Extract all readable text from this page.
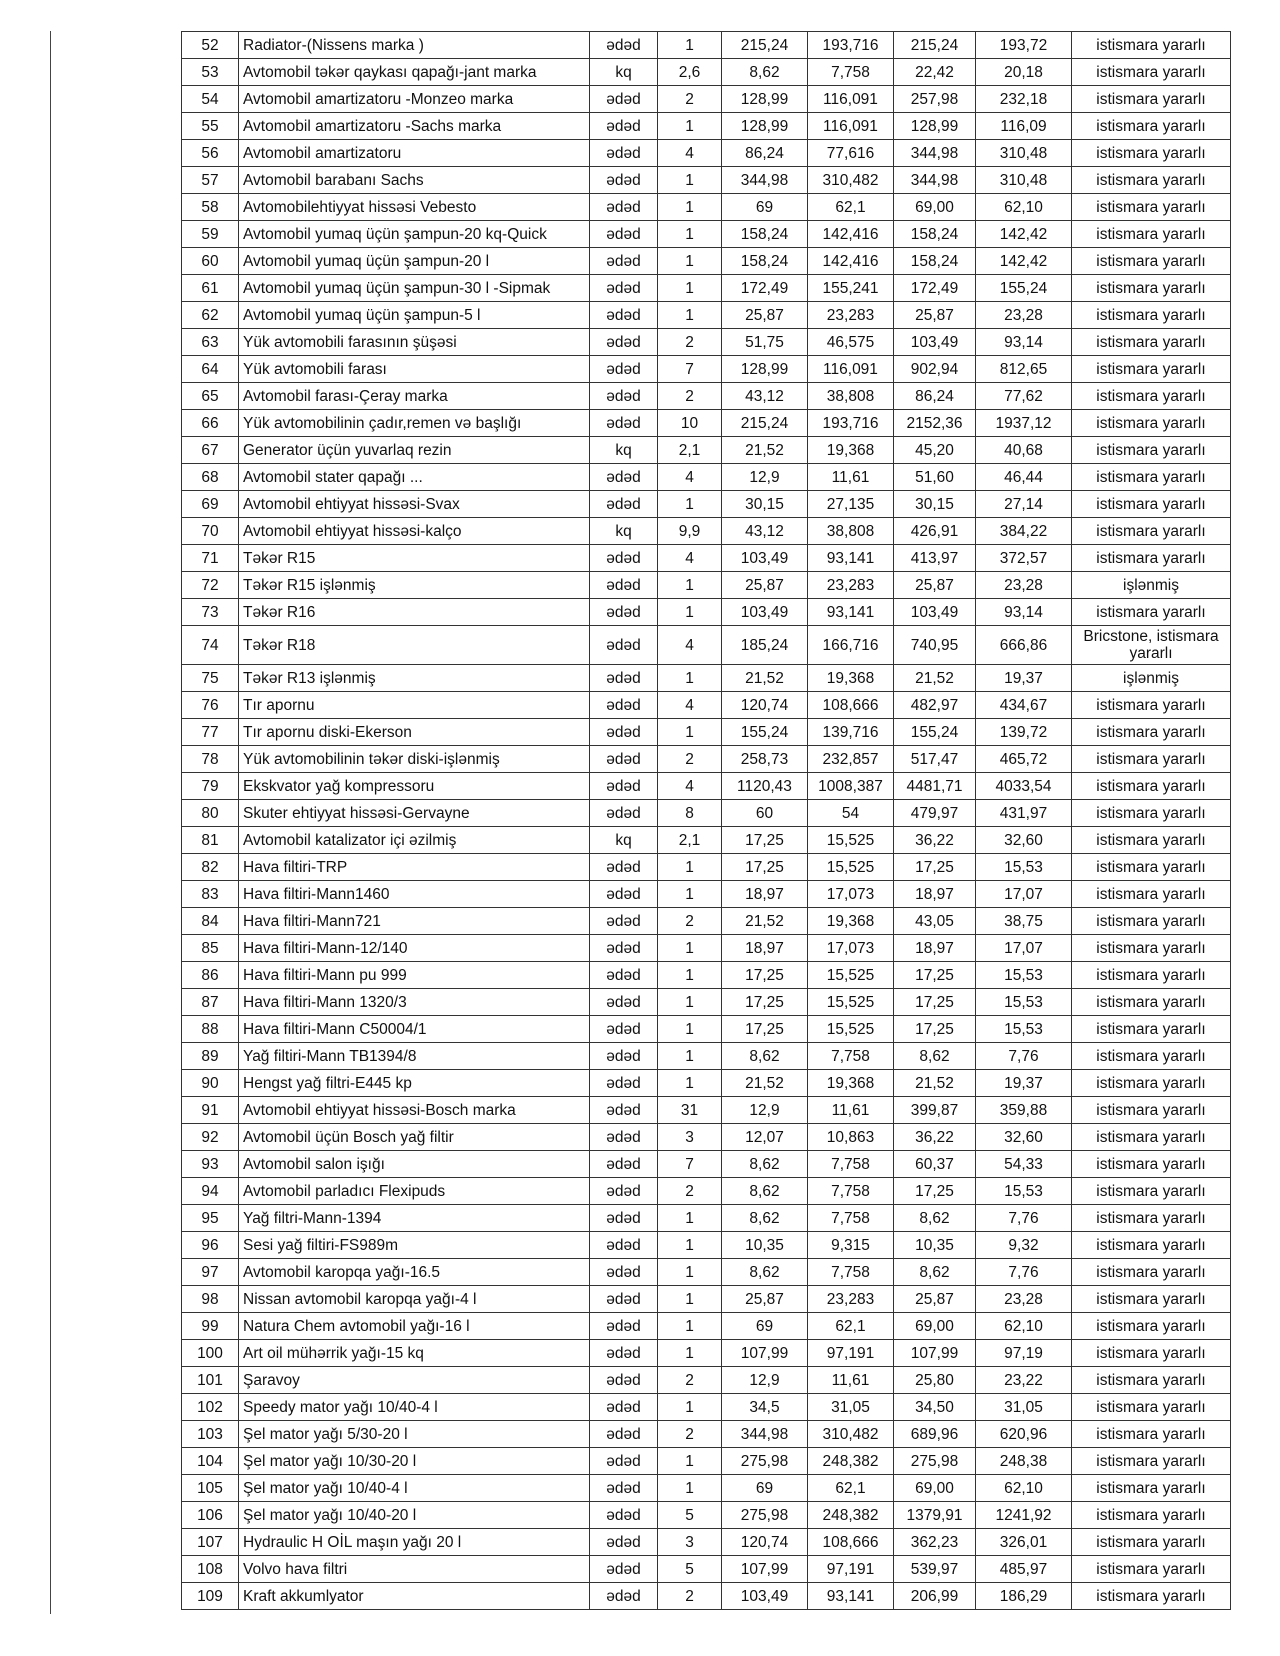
52	Radiator-(Nissens marka )	ədəd	1	215,24	193,716	215,24	193,72	istismara yararlı
53	Avtomobil təkər qaykası qapağı-jant marka	kq	2,6	8,62	7,758	22,42	20,18	istismara yararlı
54	Avtomobil amartizatoru -Monzeo marka	ədəd	2	128,99	116,091	257,98	232,18	istismara yararlı
55	Avtomobil amartizatoru -Sachs marka	ədəd	1	128,99	116,091	128,99	116,09	istismara yararlı
56	Avtomobil amartizatoru	ədəd	4	86,24	77,616	344,98	310,48	istismara yararlı
57	Avtomobil barabanı Sachs	ədəd	1	344,98	310,482	344,98	310,48	istismara yararlı
58	Avtomobilehtiyyat hissəsi Vebesto	ədəd	1	69	62,1	69,00	62,10	istismara yararlı
59	Avtomobil yumaq üçün şampun-20 kq-Quick	ədəd	1	158,24	142,416	158,24	142,42	istismara yararlı
60	Avtomobil yumaq üçün şampun-20 l	ədəd	1	158,24	142,416	158,24	142,42	istismara yararlı
61	Avtomobil yumaq üçün şampun-30 l -Sipmak	ədəd	1	172,49	155,241	172,49	155,24	istismara yararlı
62	Avtomobil yumaq üçün şampun-5 l	ədəd	1	25,87	23,283	25,87	23,28	istismara yararlı
63	Yük avtomobili farasının şüşəsi	ədəd	2	51,75	46,575	103,49	93,14	istismara yararlı
64	Yük avtomobili farası	ədəd	7	128,99	116,091	902,94	812,65	istismara yararlı
65	Avtomobil farası-Çeray marka	ədəd	2	43,12	38,808	86,24	77,62	istismara yararlı
66	Yük avtomobilinin çadır,remen və başlığı	ədəd	10	215,24	193,716	2152,36	1937,12	istismara yararlı
67	Generator üçün yuvarlaq rezin	kq	2,1	21,52	19,368	45,20	40,68	istismara yararlı
68	Avtomobil stater qapağı ...	ədəd	4	12,9	11,61	51,60	46,44	istismara yararlı
69	Avtomobil ehtiyyat hissəsi-Svax	ədəd	1	30,15	27,135	30,15	27,14	istismara yararlı
70	Avtomobil ehtiyyat hissəsi-kalço	kq	9,9	43,12	38,808	426,91	384,22	istismara yararlı
71	Təkər R15	ədəd	4	103,49	93,141	413,97	372,57	istismara yararlı
72	Təkər R15 işlənmiş	ədəd	1	25,87	23,283	25,87	23,28	işlənmiş
73	Təkər R16	ədəd	1	103,49	93,141	103,49	93,14	istismara yararlı
74	Təkər R18	ədəd	4	185,24	166,716	740,95	666,86	Bricstone, istismara yararlı
75	Təkər R13 işlənmiş	ədəd	1	21,52	19,368	21,52	19,37	işlənmiş
76	Tır apornu	ədəd	4	120,74	108,666	482,97	434,67	istismara yararlı
77	Tır apornu diski-Ekerson	ədəd	1	155,24	139,716	155,24	139,72	istismara yararlı
78	Yük avtomobilinin təkər diski-işlənmiş	ədəd	2	258,73	232,857	517,47	465,72	istismara yararlı
79	Ekskvator yağ kompressoru	ədəd	4	1120,43	1008,387	4481,71	4033,54	istismara yararlı
80	Skuter ehtiyyat hissəsi-Gervayne	ədəd	8	60	54	479,97	431,97	istismara yararlı
81	Avtomobil katalizator içi əzilmiş	kq	2,1	17,25	15,525	36,22	32,60	istismara yararlı
82	Hava filtiri-TRP	ədəd	1	17,25	15,525	17,25	15,53	istismara yararlı
83	Hava filtiri-Mann1460	ədəd	1	18,97	17,073	18,97	17,07	istismara yararlı
84	Hava filtiri-Mann721	ədəd	2	21,52	19,368	43,05	38,75	istismara yararlı
85	Hava filtiri-Mann-12/140	ədəd	1	18,97	17,073	18,97	17,07	istismara yararlı
86	Hava filtiri-Mann pu 999	ədəd	1	17,25	15,525	17,25	15,53	istismara yararlı
87	Hava filtiri-Mann 1320/3	ədəd	1	17,25	15,525	17,25	15,53	istismara yararlı
88	Hava filtiri-Mann C50004/1	ədəd	1	17,25	15,525	17,25	15,53	istismara yararlı
89	Yağ filtiri-Mann TB1394/8	ədəd	1	8,62	7,758	8,62	7,76	istismara yararlı
90	Hengst yağ filtri-E445 kp	ədəd	1	21,52	19,368	21,52	19,37	istismara yararlı
91	Avtomobil ehtiyyat hissəsi-Bosch marka	ədəd	31	12,9	11,61	399,87	359,88	istismara yararlı
92	Avtomobil üçün Bosch yağ filtir	ədəd	3	12,07	10,863	36,22	32,60	istismara yararlı
93	Avtomobil salon işığı	ədəd	7	8,62	7,758	60,37	54,33	istismara yararlı
94	Avtomobil parladıcı Flexipuds	ədəd	2	8,62	7,758	17,25	15,53	istismara yararlı
95	Yağ filtri-Mann-1394	ədəd	1	8,62	7,758	8,62	7,76	istismara yararlı
96	Sesi yağ filtiri-FS989m	ədəd	1	10,35	9,315	10,35	9,32	istismara yararlı
97	Avtomobil karopqa yağı-16.5	ədəd	1	8,62	7,758	8,62	7,76	istismara yararlı
98	Nissan avtomobil karopqa yağı-4 l	ədəd	1	25,87	23,283	25,87	23,28	istismara yararlı
99	Natura Chem avtomobil yağı-16 l	ədəd	1	69	62,1	69,00	62,10	istismara yararlı
100	Art oil mühərrik yağı-15 kq	ədəd	1	107,99	97,191	107,99	97,19	istismara yararlı
101	Şaravoy	ədəd	2	12,9	11,61	25,80	23,22	istismara yararlı
102	Speedy mator yağı 10/40-4 l	ədəd	1	34,5	31,05	34,50	31,05	istismara yararlı
103	Şel mator yağı 5/30-20 l	ədəd	2	344,98	310,482	689,96	620,96	istismara yararlı
104	Şel mator yağı 10/30-20 l	ədəd	1	275,98	248,382	275,98	248,38	istismara yararlı
105	Şel mator yağı 10/40-4 l	ədəd	1	69	62,1	69,00	62,10	istismara yararlı
106	Şel mator yağı 10/40-20 l	ədəd	5	275,98	248,382	1379,91	1241,92	istismara yararlı
107	Hydraulic H OİL maşın yağı 20 l	ədəd	3	120,74	108,666	362,23	326,01	istismara yararlı
108	Volvo hava filtri	ədəd	5	107,99	97,191	539,97	485,97	istismara yararlı
109	Kraft akkumlyator	ədəd	2	103,49	93,141	206,99	186,29	istismara yararlı
